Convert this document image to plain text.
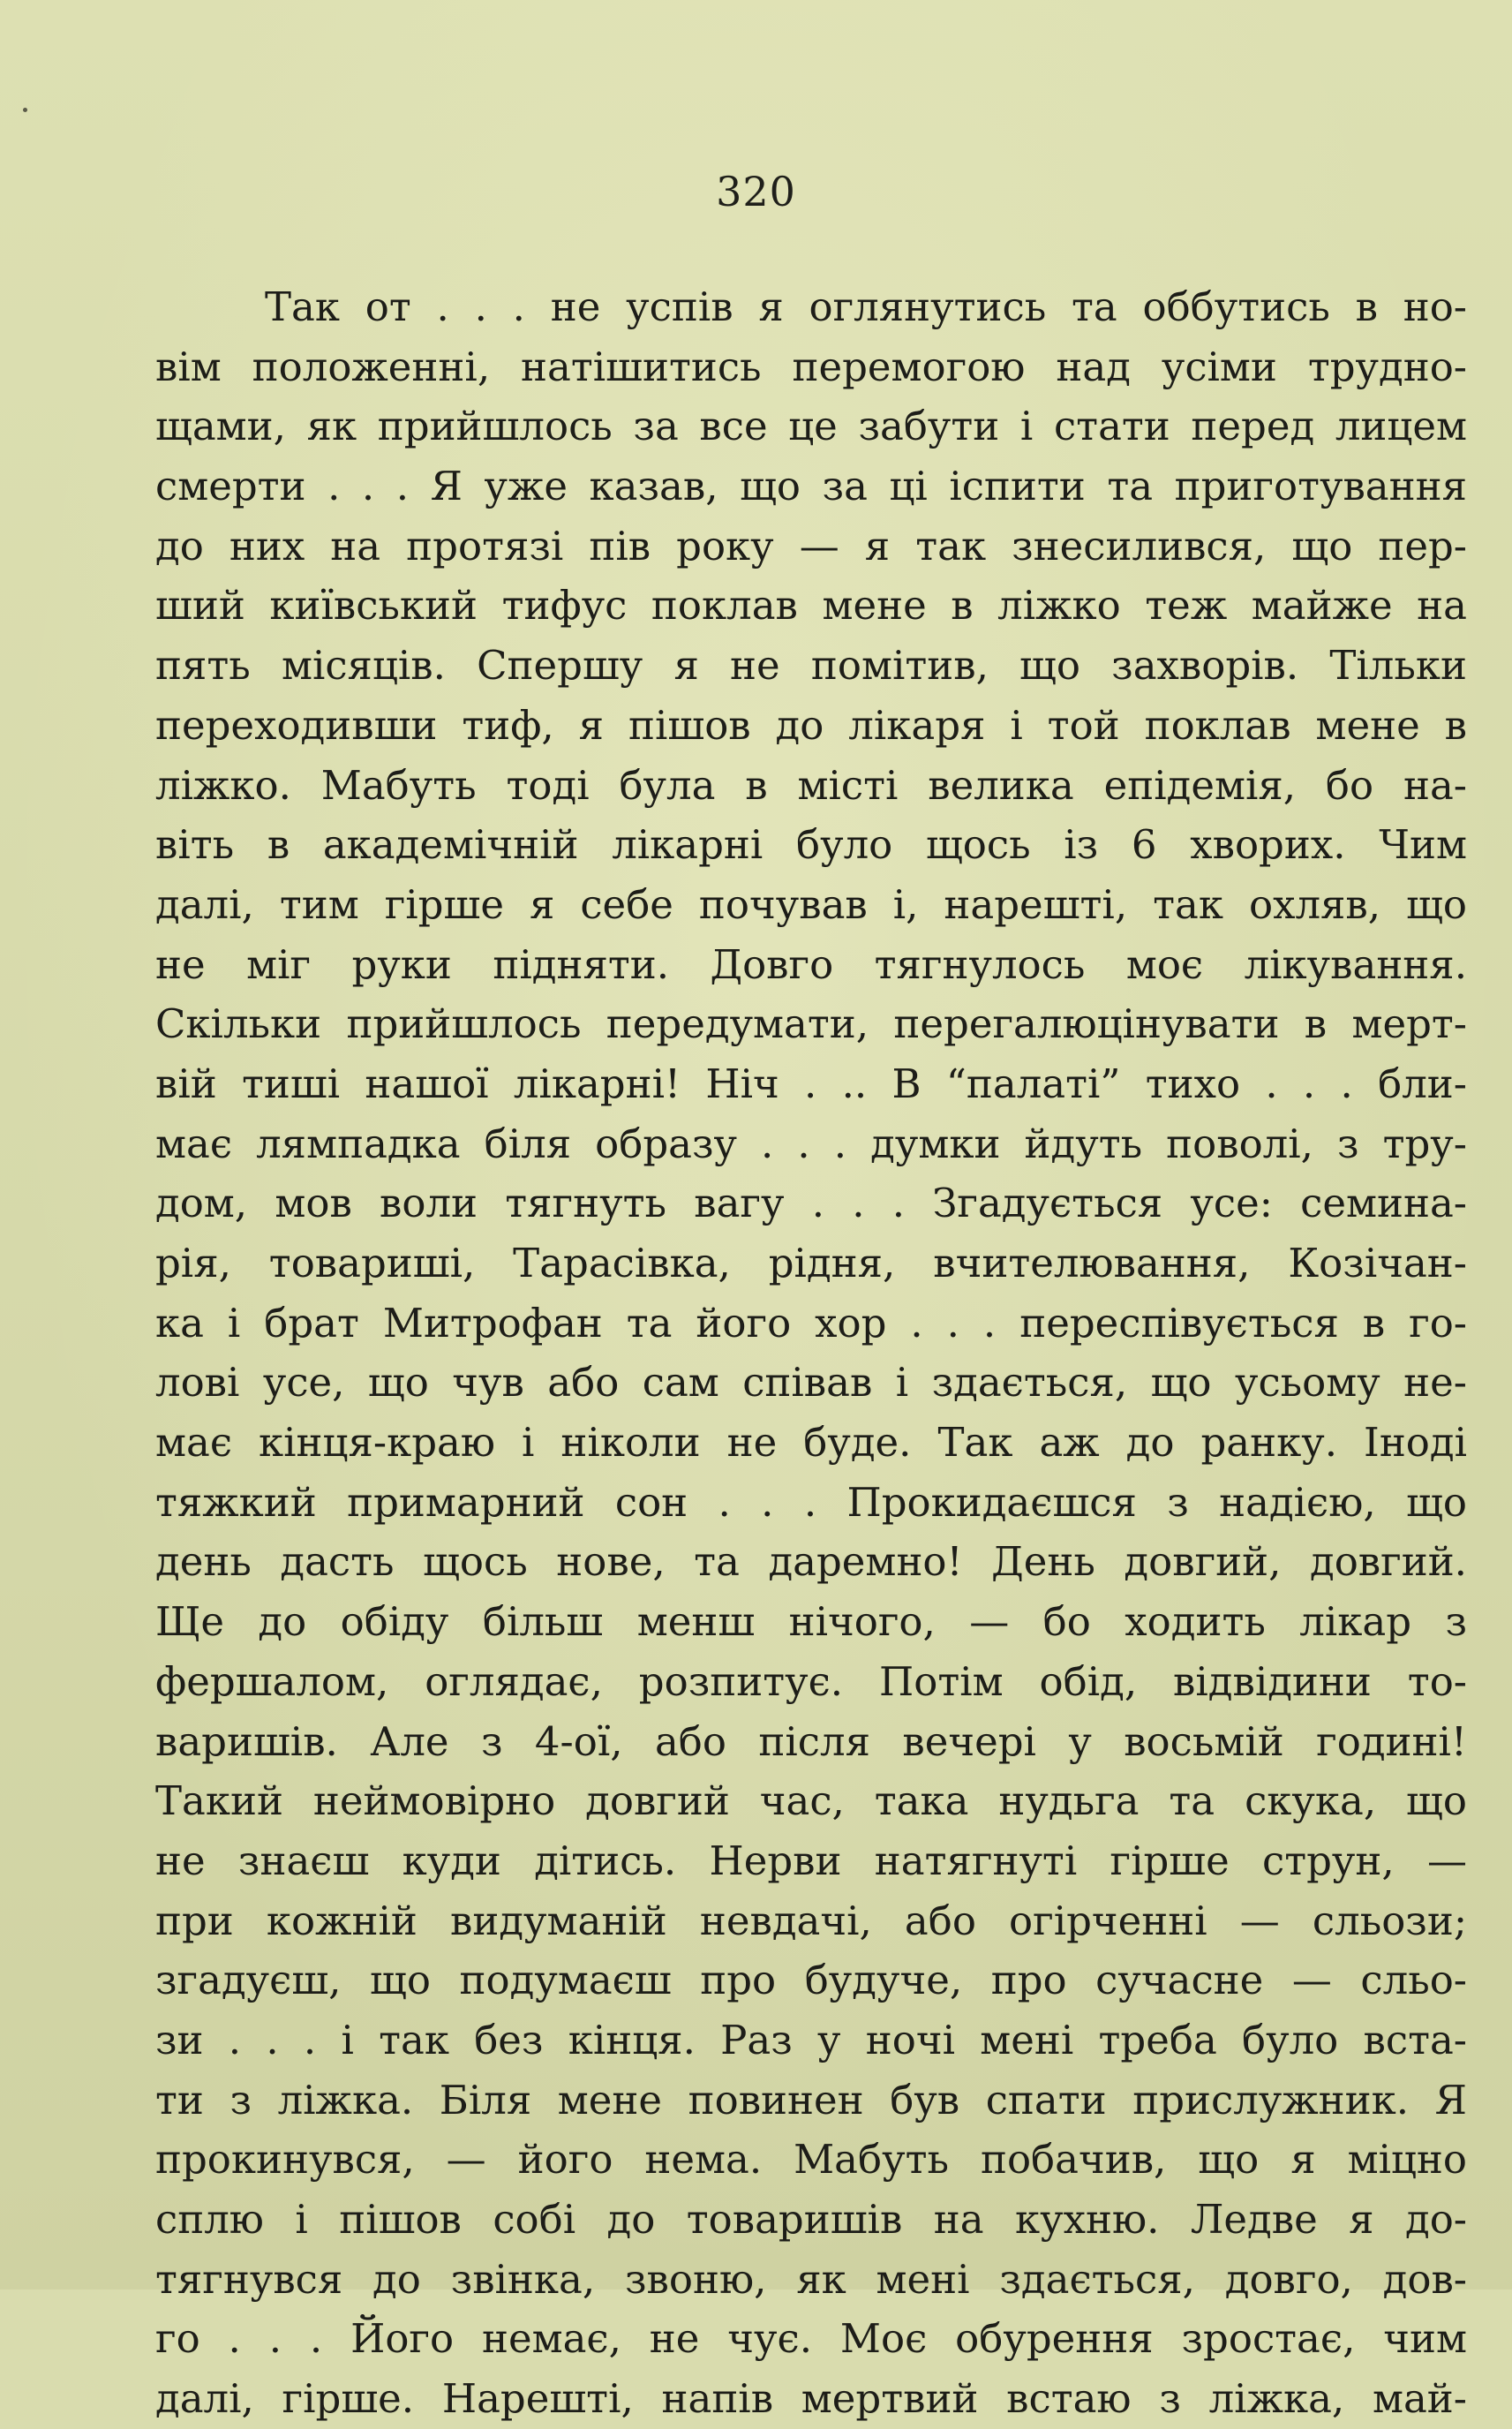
320
Так от . . . не успів я оглянутись та оббутись в но-
вім положенні, натішитись перемогою над усіми трудно-
щами, як прийшлось за все це забути і стати перед лицем
смерти . . . Я уже казав, що за ці іспити та приготування
до них на протязі пів року — я так знесилився, що пер-
ший київський тифус поклав мене в ліжко теж майже на
пять місяців. Спершу я не помітив, що захворів. Тільки
переходивши тиф, я пішов до лікаря і той поклав мене в
ліжко. Мабуть тоді була в місті велика епідемія, бо на-
віть в академічній лікарні було щось із 6 хворих. Чим
далі, тим гірше я себе почував і, нарешті, так охляв, що
не міг руки підняти. Довго тягнулось моє лікування.
Скільки прийшлось передумати, перегалюцінувати в мерт-
вій тиші нашої лікарні! Ніч . .. В “палаті” тихо . . . бли-
має лямпадка біля образу . . . думки йдуть поволі, з тру-
дом, мов воли тягнуть вагу . . . Згадується усе: семина-
рія, товариші, Тарасівка, рідня, вчителювання, Козічан-
ка і брат Митрофан та його хор . . . переспівується в го-
лові усе, що чув або сам співав і здається, що усьому не-
має кінця-краю і ніколи не буде. Так аж до ранку. Іноді
тяжкий примарний сон . . . Прокидаєшся з надією, що
день дасть щось нове, та даремно! День довгий, довгий.
Ще до обіду більш менш нічого, — бо ходить лікар з
фершалом, оглядає, розпитує. Потім обід, відвідини то-
варишів. Але з 4-ої, або після вечері у восьмій годині!
Такий неймовірно довгий час, така нудьга та скука, що
не знаєш куди дітись. Нерви натягнуті гірше струн, —
при кожній видуманій невдачі, або огірченні — сльози;
згадуєш, що подумаєш про будуче, про сучасне — сльо-
зи . . . і так без кінця. Раз у ночі мені треба було вста-
ти з ліжка. Біля мене повинен був спати прислужник. Я
прокинувся, — його нема. Мабуть побачив, що я міцно
сплю і пішов собі до товаришів на кухню. Ледве я до-
тягнувся до звінка, звоню, як мені здається, довго, дов-
го . . . Його немає, не чує. Моє обурення зростає, чим
далі, гірше. Нарешті, напів мертвий встаю з ліжка, май-
